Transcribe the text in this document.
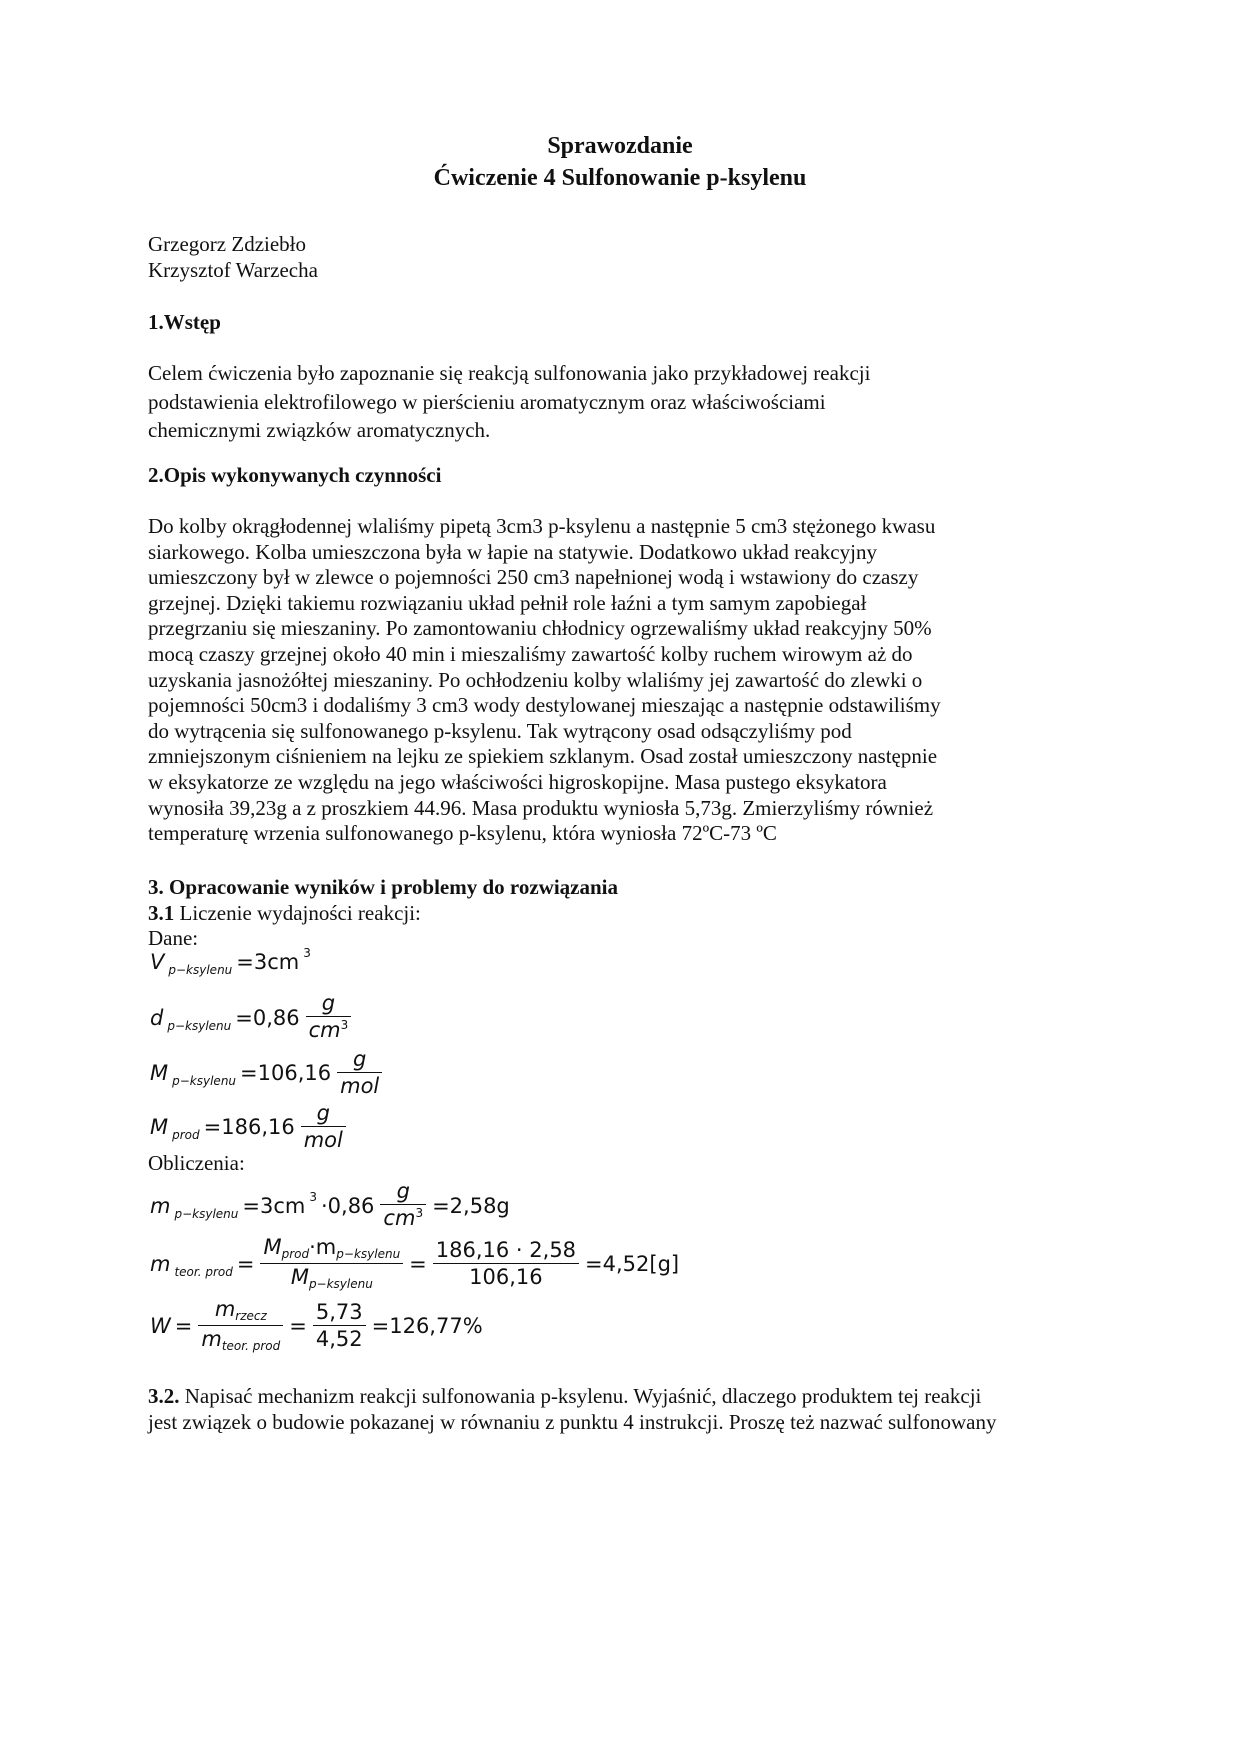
Sprawozdanie
Ćwiczenie 4 Sulfonowanie p-ksylenu
Grzegorz Zdziebło
Krzysztof Warzecha
1.Wstęp
Celem ćwiczenia było zapoznanie się reakcją sulfonowania jako przykładowej reakcji
podstawienia elektrofilowego w pierścieniu aromatycznym oraz właściwościami
chemicznymi związków aromatycznych.
2.Opis wykonywanych czynności
Do kolby okrągłodennej wlaliśmy pipetą 3cm3 p-ksylenu a następnie 5 cm3 stężonego kwasu
siarkowego. Kolba umieszczona była w łapie na statywie. Dodatkowo układ reakcyjny
umieszczony był w zlewce o pojemności 250 cm3 napełnionej wodą i wstawiony do czaszy
grzejnej. Dzięki takiemu rozwiązaniu układ pełnił role łaźni a tym samym zapobiegał
przegrzaniu się mieszaniny. Po zamontowaniu chłodnicy ogrzewaliśmy układ reakcyjny 50%
mocą czaszy grzejnej około 40 min i mieszaliśmy zawartość kolby ruchem wirowym aż do
uzyskania jasnożółtej mieszaniny. Po ochłodzeniu kolby wlaliśmy jej zawartość do zlewki o
pojemności 50cm3 i dodaliśmy 3 cm3 wody destylowanej mieszając a następnie odstawiliśmy
do wytrącenia się sulfonowanego p-ksylenu. Tak wytrącony osad odsączyliśmy pod
zmniejszonym ciśnieniem na lejku ze spiekiem szklanym. Osad został umieszczony następnie
w eksykatorze ze względu na jego właściwości higroskopijne. Masa pustego eksykatora
wynosiła 39,23g a z proszkiem 44.96. Masa produktu wyniosła 5,73g. Zmierzyliśmy również
temperaturę wrzenia sulfonowanego p-ksylenu, która wyniosła 72ºC-73 ºC
3. Opracowanie wyników i problemy do rozwiązania
3.1 Liczenie wydajności reakcji:
Dane:
V p−ksylenu =3cm 3
d p−ksylenu $=0,86 \frac{g}{cm^3}$
M p−ksylenu $=106,16 \frac{g}{\text{mol}}$
M prod $=186,16 \frac{g}{\text{mol}}$
Obliczenia:
m p−ksylenu =3cm $3 \cdot 0,86 \frac{g}{cm^3} =2,58g$
m teor. prod = $\frac{\text{Mprod·mp−ksylenu}}{\text{Mp−ksylenu}} = \frac{186,16 \cdot 2,58}{106,16} =4,52[g]$
$W = \frac{\text{mrzecz}}{\text{mteor. prod}} = \frac{5,73}{4,52} =126,77\%$
3.2. Napisać mechanizm reakcji sulfonowania p-ksylenu. Wyjaśnić, dlaczego produktem tej reakcji
jest związek o budowie pokazanej w równaniu z punktu 4 instrukcji. Proszę też nazwać sulfonowany
